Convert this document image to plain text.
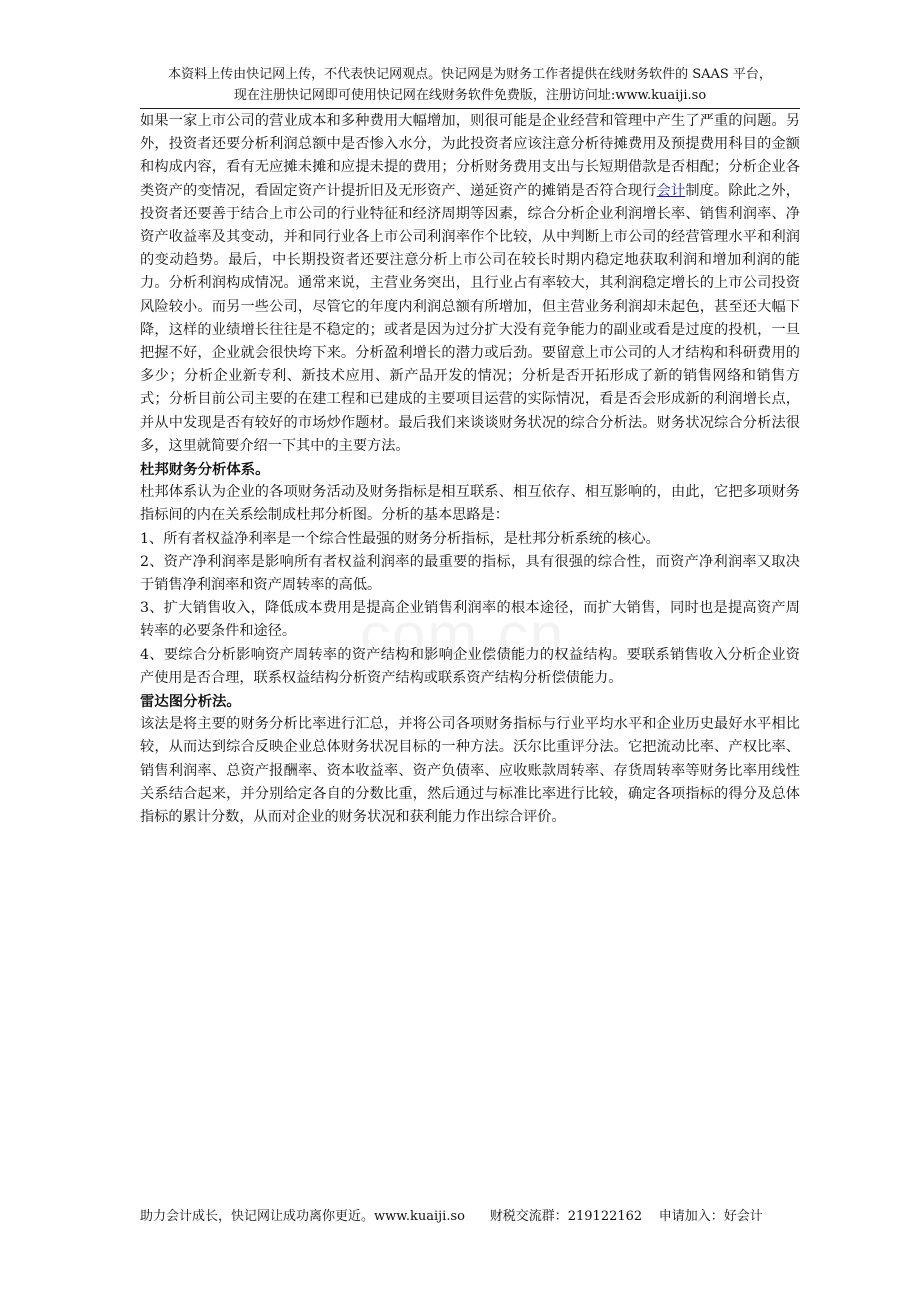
本资料上传由快记网上传，不代表快记网观点。快记网是为财务工作者提供在线财务软件的 SAAS 平台，
现在注册快记网即可使用快记网在线财务软件免费版，注册访问址:www.kuaiji.so

如果一家上市公司的营业成本和多种费用大幅增加，则很可能是企业经营和管理中产生了严重的问题。另外，投资者还要分析利润总额中是否惨入水分，为此投资者应该注意分析待摊费用及预提费用科目的金额和构成内容，看有无应摊未摊和应提未提的费用；分析财务费用支出与长短期借款是否相配；分析企业各类资产的变情况，看固定资产计提折旧及无形资产、递延资产的摊销是否符合现行会计制度。除此之外，投资者还要善于结合上市公司的行业特征和经济周期等因素，综合分析企业利润增长率、销售利润率、净资产收益率及其变动，并和同行业各上市公司利润率作个比较，从中判断上市公司的经营管理水平和利润的变动趋势。最后，中长期投资者还要注意分析上市公司在较长时期内稳定地获取利润和增加利润的能力。分析利润构成情况。通常来说，主营业务突出，且行业占有率较大，其利润稳定增长的上市公司投资风险较小。而另一些公司，尽管它的年度内利润总额有所增加，但主营业务利润却未起色，甚至还大幅下降，这样的业绩增长往往是不稳定的；或者是因为过分扩大没有竞争能力的副业或看是过度的投机，一旦把握不好，企业就会很快垮下来。分析盈利增长的潜力或后劲。要留意上市公司的人才结构和科研费用的多少；分析企业新专利、新技术应用、新产品开发的情况；分析是否开拓形成了新的销售网络和销售方式；分析目前公司主要的在建工程和已建成的主要项目运营的实际情况，看是否会形成新的利润增长点，并从中发现是否有较好的市场炒作题材。最后我们来谈谈财务状况的综合分析法。财务状况综合分析法很多，这里就简要介绍一下其中的主要方法。

杜邦财务分析体系。

杜邦体系认为企业的各项财务活动及财务指标是相互联系、相互依存、相互影响的，由此，它把多项财务指标间的内在关系绘制成杜邦分析图。分析的基本思路是：

1、所有者权益净利率是一个综合性最强的财务分析指标，是杜邦分析系统的核心。

2、资产净利润率是影响所有者权益利润率的最重要的指标，具有很强的综合性，而资产净利润率又取决于销售净利润率和资产周转率的高低。

3、扩大销售收入，降低成本费用是提高企业销售利润率的根本途径，而扩大销售，同时也是提高资产周转率的必要条件和途径。

4、要综合分析影响资产周转率的资产结构和影响企业偿债能力的权益结构。要联系销售收入分析企业资产使用是否合理，联系权益结构分析资产结构或联系资产结构分析偿债能力。

雷达图分析法。

该法是将主要的财务分析比率进行汇总，并将公司各项财务指标与行业平均水平和企业历史最好水平相比较，从而达到综合反映企业总体财务状况目标的一种方法。沃尔比重评分法。它把流动比率、产权比率、销售利润率、总资产报酬率、资本收益率、资产负债率、应收账款周转率、存货周转率等财务比率用线性关系结合起来，并分别给定各自的分数比重，然后通过与标准比率进行比较，确定各项指标的得分及总体指标的累计分数，从而对企业的财务状况和获利能力作出综合评价。

助力会计成长，快记网让成功离你更近。www.kuaiji.so      财税交流群：219122162    申请加入：好会计
